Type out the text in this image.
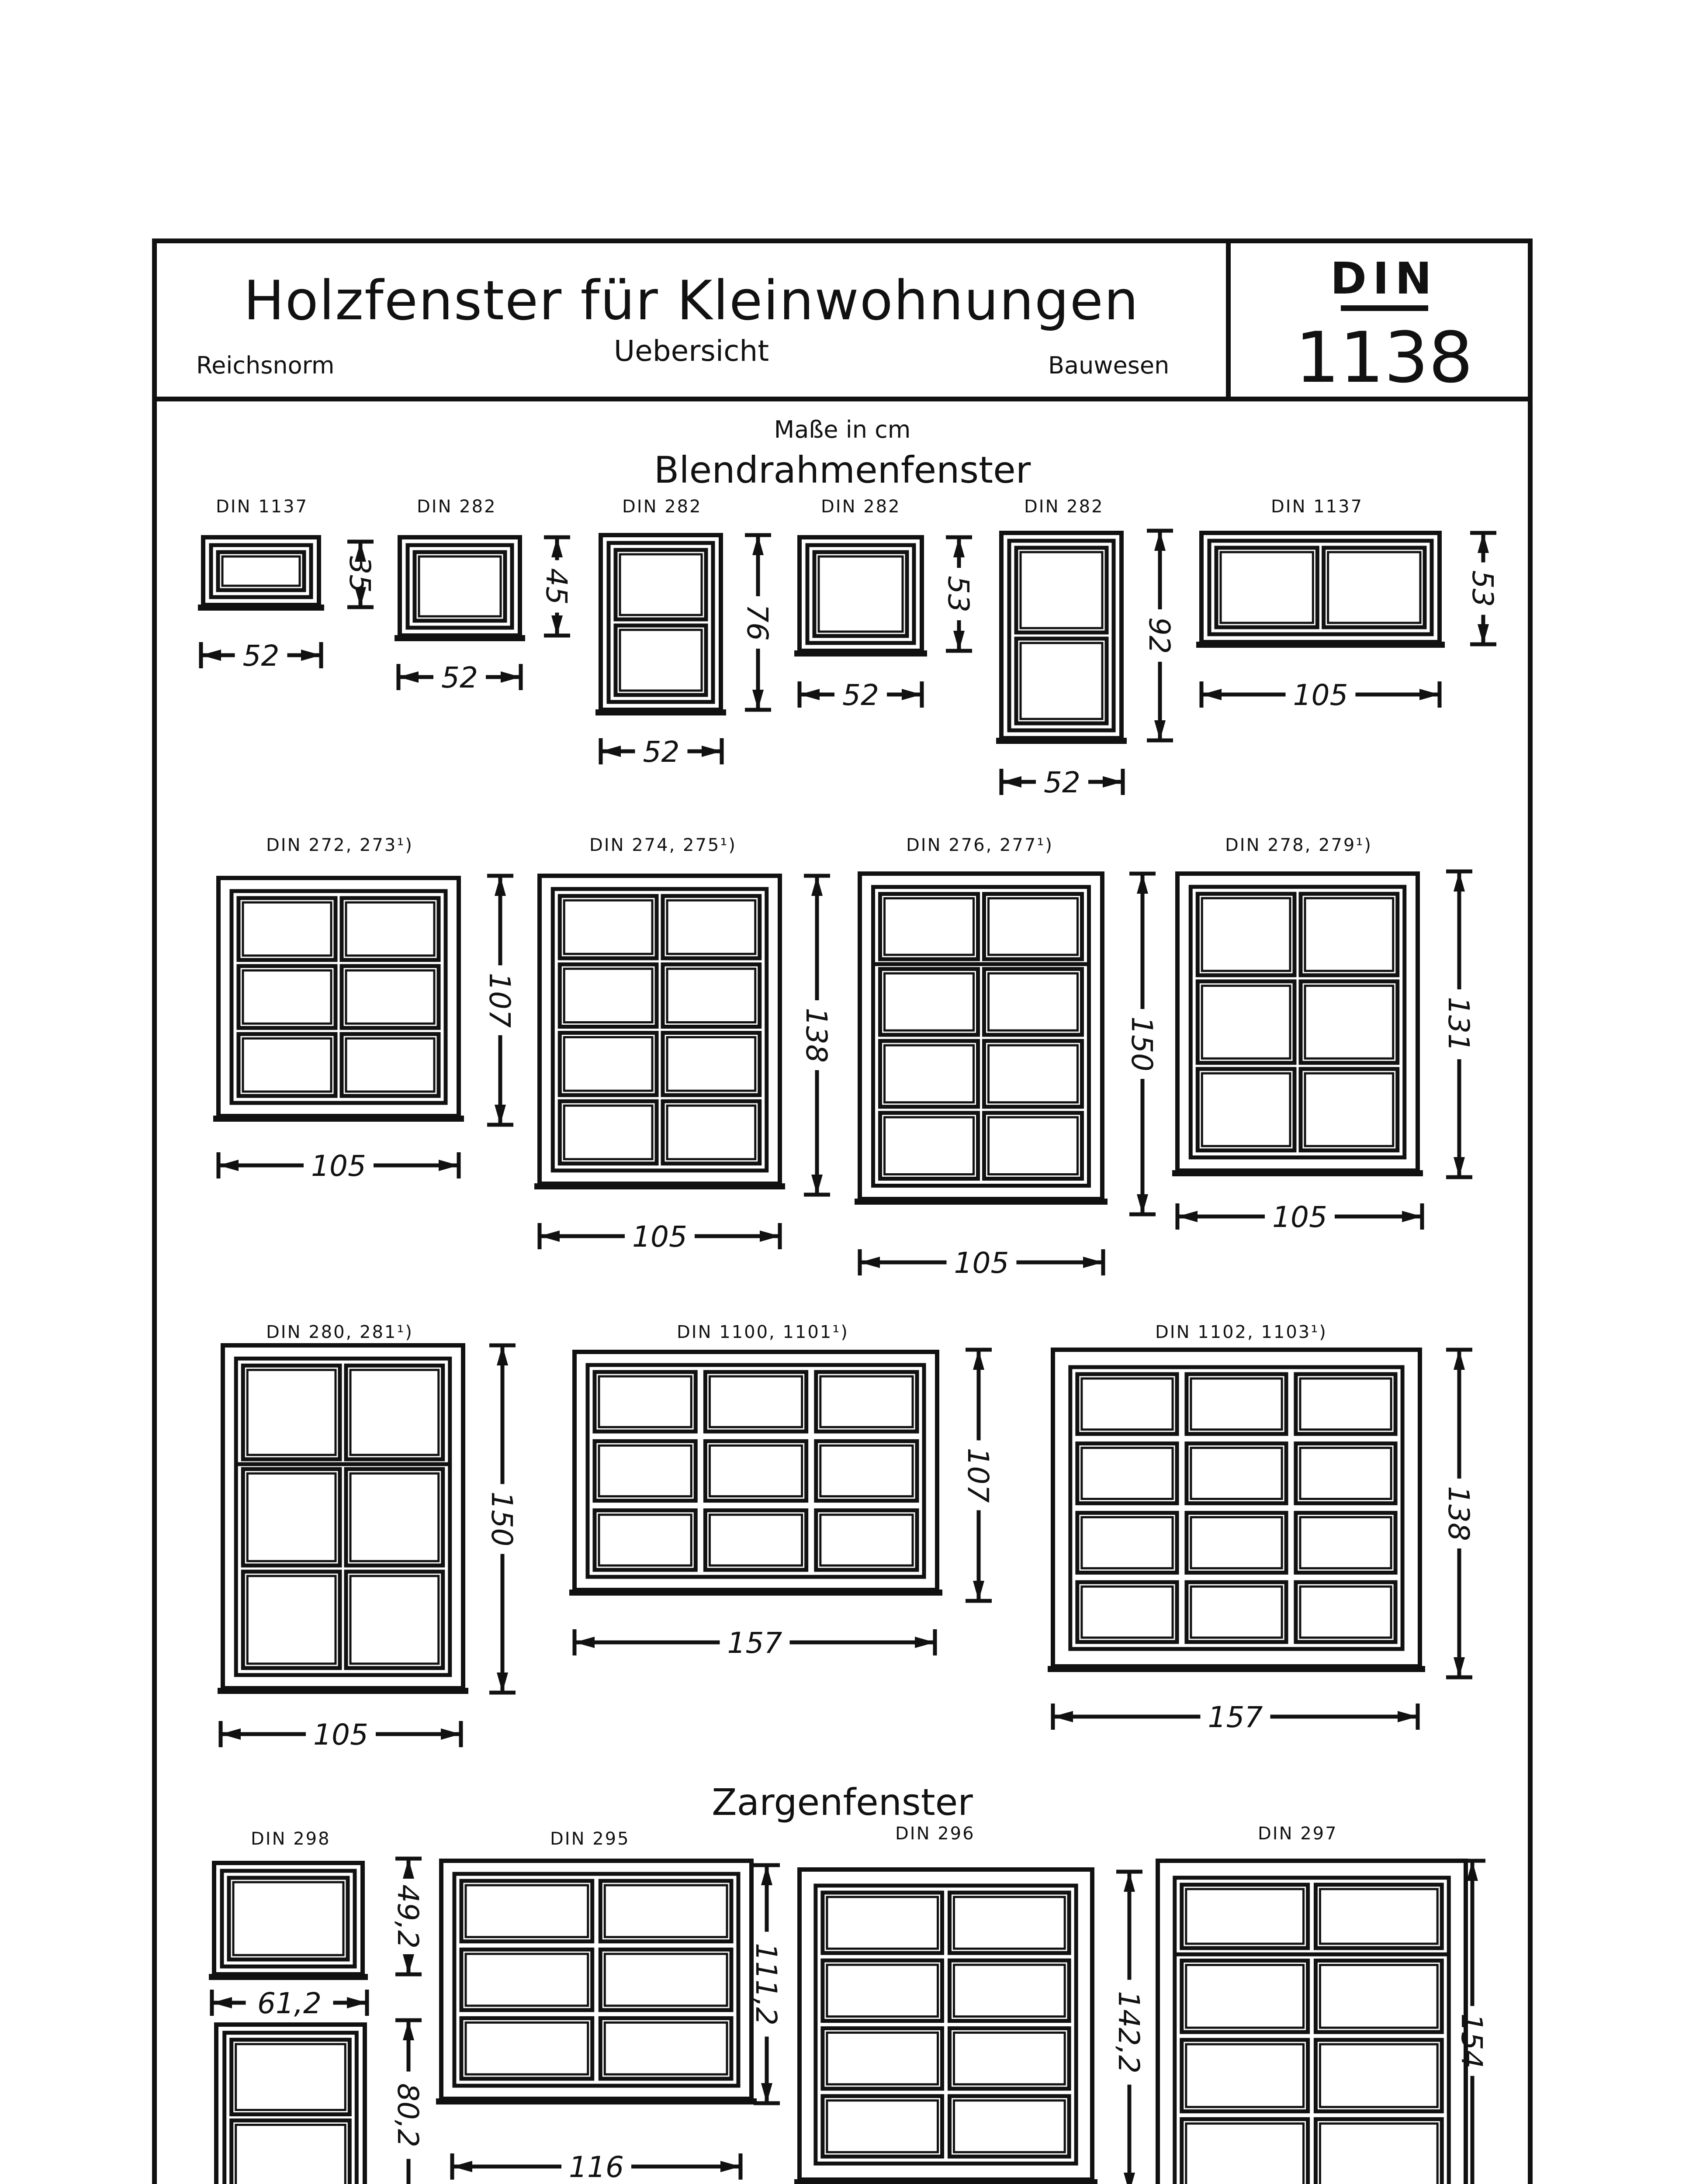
Holzfenster für Kleinwohnungen
Uebersicht
Reichsnorm	Bauwesen
DIN
1138
Maße in cm
Blendrahmenfenster
Zargenfenster
DIN 1137	DIN 282	DIN 282	DIN 282	DIN 282	DIN 1137
DIN 272, 273¹)	DIN 274, 275¹)	DIN 276, 277¹)	DIN 278, 279¹)
DIN 280, 281¹)	DIN 1100, 1101¹)	DIN 1102, 1103¹)
DIN 298	DIN 295	DIN 296	DIN 297
35
52
45
52
76
52
53
52
92
52
53
105
107
105
138
105
150
105
131
105
150
105
107
157
138
157
49,2
61,2
80,2
111,2
116
142,2	154
